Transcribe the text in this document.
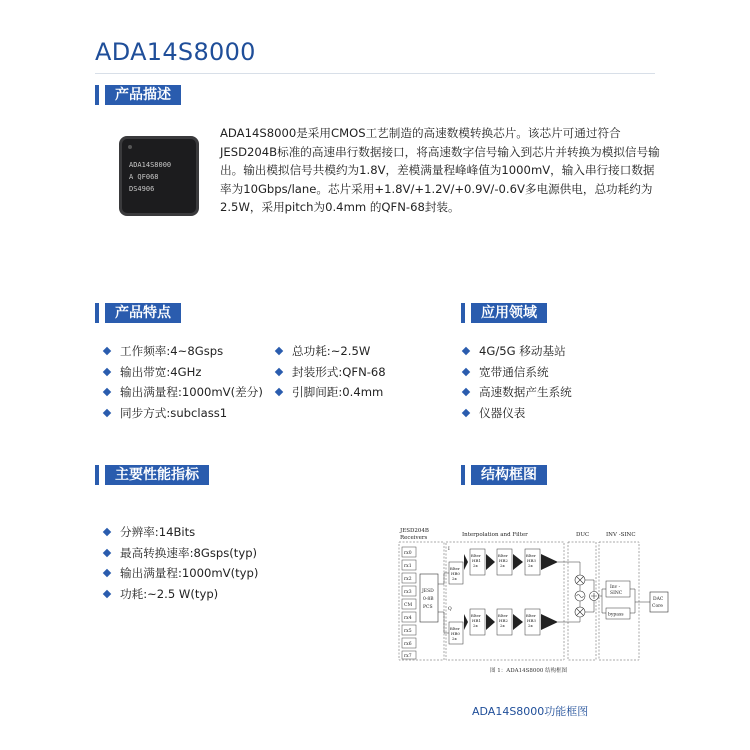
ADA14S8000
产品描述
ADA14S8000
A QF068
DS4906
ADA14S8000是采用CMOS工艺制造的高速数模转换芯片。该芯片可通过符合JESD204B标准的高速串行数据接口，将高速数字信号输入到芯片并转换为模拟信号输出。输出模拟信号共模约为1.8V，差模满量程峰峰值为1000mV，输入串行接口数据率为10Gbps/lane。芯片采用+1.8V/+1.2V/+0.9V/-0.6V多电源供电，总功耗约为2.5W，采用pitch为0.4mm 的QFN-68封装。
产品特点
工作频率:4~8Gsps
输出带宽:4GHz
输出满量程:1000mV(差分)
同步方式:subclass1
总功耗:~2.5W
封装形式:QFN-68
引脚间距:0.4mm
应用领域
4G/5G 移动基站
宽带通信系统
高速数据产生系统
仪器仪表
主要性能指标
分辨率:14Bits
最高转换速率:8Gsps(typ)
输出满量程:1000mV(typ)
功耗:~2.5 W(typ)
结构框图
JESD204B
Receivers	Interpolation and Filter	DUC	INV -SINC
rx0
rx1
rx2
rx3
CM
rx4
rx5
rx6
rx7
JESD
0-8B
PCS
I
filter
HB0
2x
filter
HB1
2x
filter
HB2
2x
filter
HB3
2x
Q
filter
HB0
2x
filter
HB1
2x
filter
HB2
2x
filter
HB3
2x
Inv -
SINC
bypass
DAC
Core
图 1：ADA14S8000 结构框图
ADA14S8000功能框图
